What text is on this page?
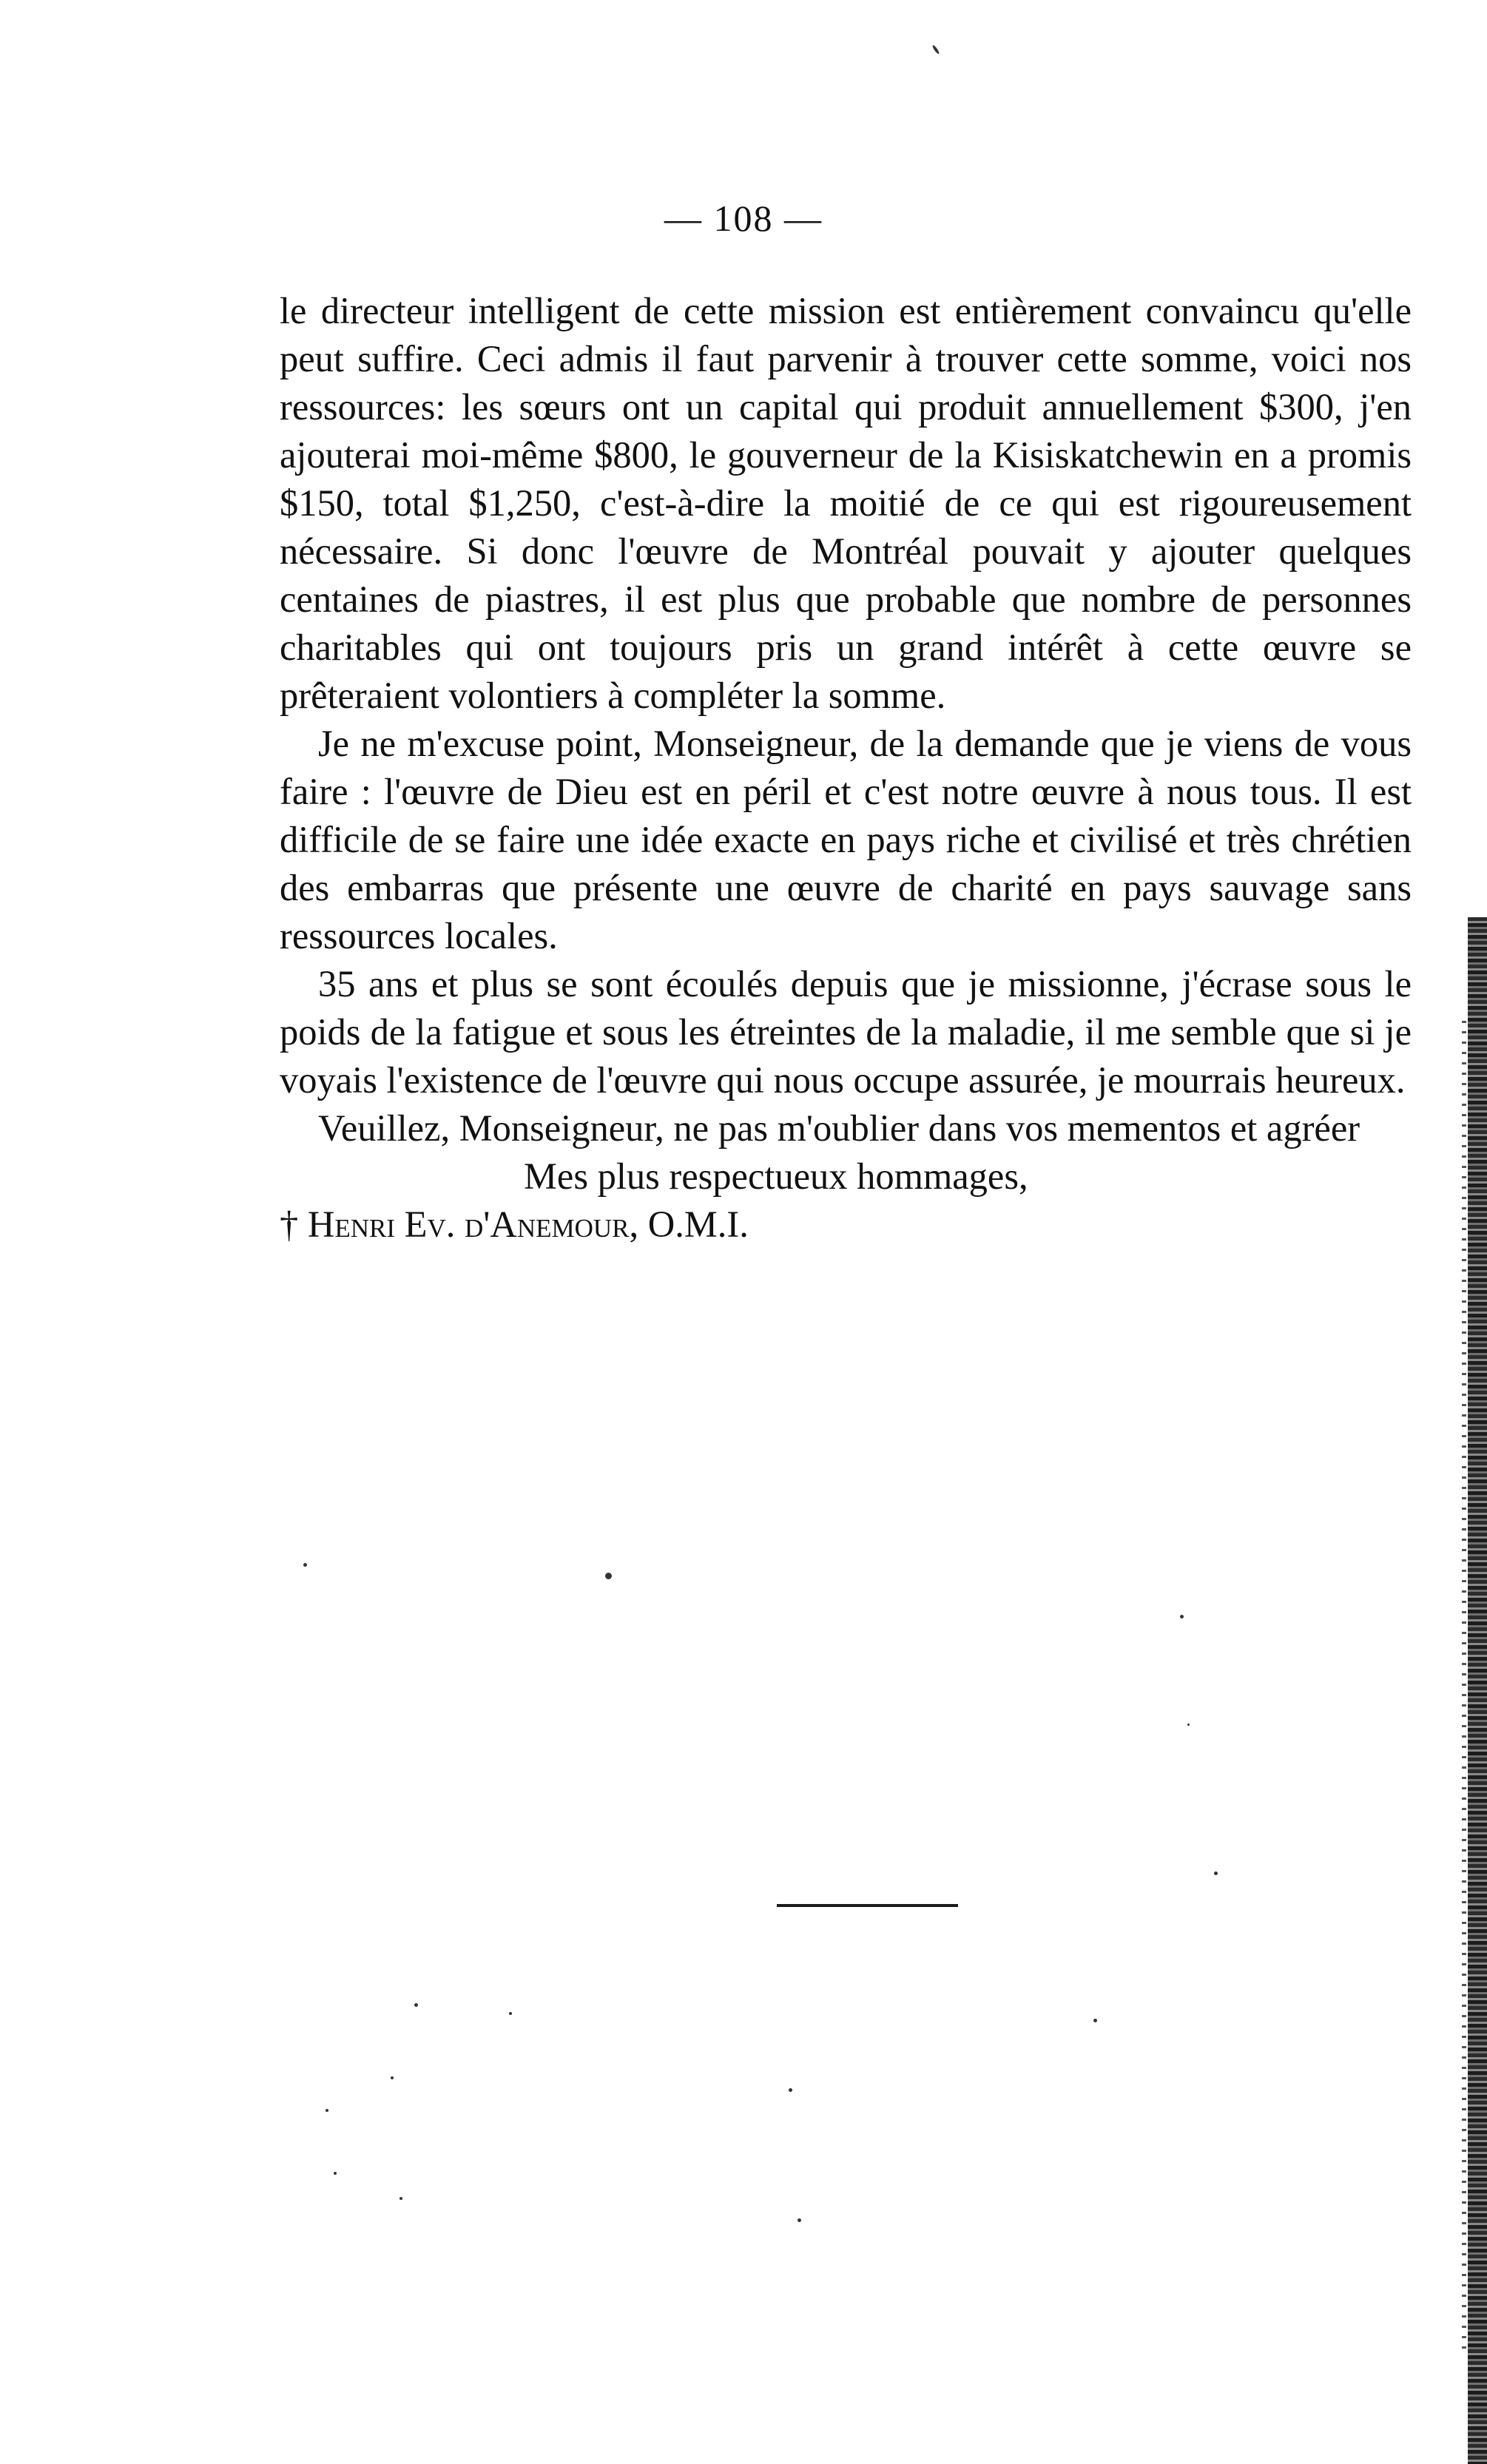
— 108 —

le directeur intelligent de cette mission est entièrement convaincu qu'elle peut suffire. Ceci admis il faut parvenir à trouver cette somme, voici nos ressources: les sœurs ont un capital qui produit annuellement $300, j'en ajouterai moi-même $800, le gouverneur de la Kisiskatchewin en a promis $150, total $1,250, c'est-à-dire la moitié de ce qui est rigoureusement nécessaire. Si donc l'œuvre de Montréal pouvait y ajouter quelques centaines de piastres, il est plus que probable que nombre de personnes charitables qui ont toujours pris un grand intérêt à cette œuvre se prêteraient volontiers à compléter la somme.

Je ne m'excuse point, Monseigneur, de la demande que je viens de vous faire : l'œuvre de Dieu est en péril et c'est notre œuvre à nous tous. Il est difficile de se faire une idée exacte en pays riche et civilisé et très chrétien des embarras que présente une œuvre de charité en pays sauvage sans ressources locales.

35 ans et plus se sont écoulés depuis que je missionne, j'écrase sous le poids de la fatigue et sous les étreintes de la maladie, il me semble que si je voyais l'existence de l'œuvre qui nous occupe assurée, je mourrais heureux.

Veuillez, Monseigneur, ne pas m'oublier dans vos mementos et agréer

Mes plus respectueux hommages,

† Henri Ev. d'Anemour, O.M.I.
